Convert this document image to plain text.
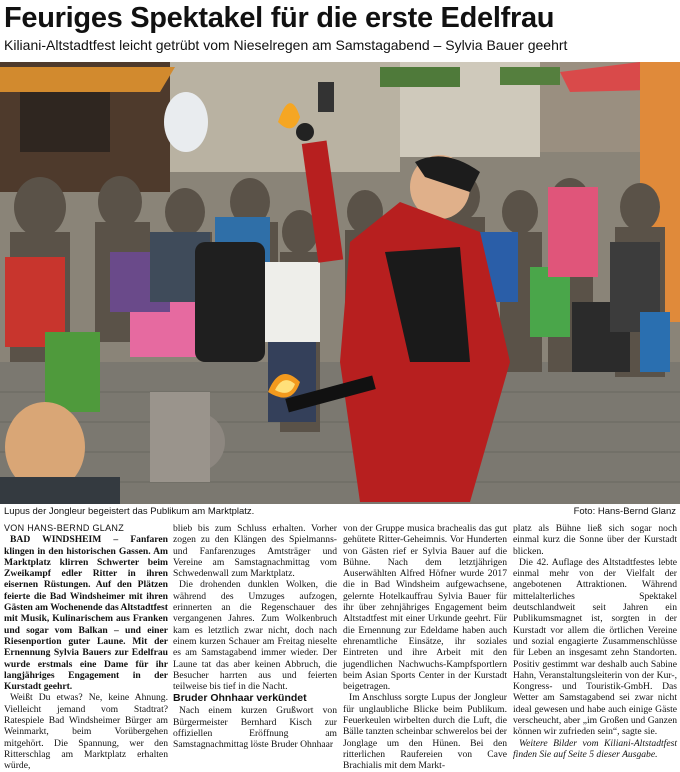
Feuriges Spektakel für die erste Edelfrau
Kiliani-Altstadtfest leicht getrübt vom Nieselregen am Samstagabend – Sylvia Bauer geehrt
Lupus der Jongleur begeistert das Publikum am Marktplatz.	Foto: Hans-Bernd Glanz

VON HANS-BERND GLANZ

BAD WINDSHEIM – Fanfaren klingen in den historischen Gassen. Am Marktplatz klirren Schwerter beim Zweikampf edler Ritter in ihren eisernen Rüstungen. Auf den Plätzen feierte die Bad Windsheimer mit ihren Gästen am Wochenende das Altstadtfest mit Musik, Kulinarischem aus Franken und sogar vom Balkan – und einer Riesenportion guter Laune. Mit der Ernennung Sylvia Bauers zur Edelfrau wurde erstmals eine Dame für ihr langjähriges Engagement in der Kurstadt geehrt.

Weißt Du etwas? Ne, keine Ahnung. Vielleicht jemand vom Stadtrat? Ratespiele Bad Windsheimer Bürger am Weinmarkt, beim Vorübergehen mitgehört. Die Spannung, wer den Ritterschlag am Marktplatz erhalten würde,

blieb bis zum Schluss erhalten. Vorher zogen zu den Klängen des Spielmanns- und Fanfarenzuges Amtsträger und Vereine am Samstagnachmittag vom Schwedenwall zum Marktplatz.

Die drohenden dunklen Wolken, die während des Umzuges aufzogen, erinnerten an die Regenschauer des vergangenen Jahres. Zum Wolkenbruch kam es letztlich zwar nicht, doch nach einem kurzen Schauer am Freitag nieselte es am Samstagabend immer wieder. Der Laune tat das aber keinen Abbruch, die Besucher harrten aus und feierten teilweise bis tief in die Nacht.

Bruder Ohnhaar verkündet

Nach einem kurzen Grußwort von Bürgermeister Bernhard Kisch zur offiziellen Eröffnung am Samstagnachmittag löste Bruder Ohnhaar

von der Gruppe musica brachealis das gut gehütete Ritter-Geheimnis. Vor Hunderten von Gästen rief er Sylvia Bauer auf die Bühne. Nach dem letztjährigen Auserwählten Alfred Höfner wurde 2017 die in Bad Windsheim aufgewachsene, gelernte Hotelkauffrau Sylvia Bauer für ihr über zehnjähriges Engagement beim Altstadtfest mit einer Urkunde geehrt. Für die Ernennung zur Edeldame haben auch ehrenamtliche Einsätze, ihr soziales Eintreten und ihre Arbeit mit den jugendlichen Nachwuchs-Kampfsportlern beim Asian Sports Center in der Kurstadt beigetragen.

Im Anschluss sorgte Lupus der Jongleur für unglaubliche Blicke beim Publikum. Feuerkeulen wirbelten durch die Luft, die Bälle tanzten scheinbar schwerelos bei der Jonglage um den Hünen. Bei den ritterlichen Raufereien von Cave Brachialis mit dem Markt-

platz als Bühne ließ sich sogar noch einmal kurz die Sonne über der Kurstadt blicken.

Die 42. Auflage des Altstadtfestes lebte einmal mehr von der Vielfalt der angebotenen Attraktionen. Während mittelalterliches Spektakel deutschlandweit seit Jahren ein Publikumsmagnet ist, sorgten in der Kurstadt vor allem die örtlichen Vereine und sozial engagierte Zusammenschlüsse für Leben an insgesamt zehn Standorten. Positiv gestimmt war deshalb auch Sabine Hahn, Veranstaltungsleiterin von der Kur-, Kongress- und Touristik-GmbH. Das Wetter am Samstagabend sei zwar nicht ideal gewesen und habe auch einige Gäste verscheucht, aber „im Großen und Ganzen können wir zufrieden sein“, sagte sie.

Weitere Bilder vom Kiliani-Altstadtfest finden Sie auf Seite 5 dieser Ausgabe.
